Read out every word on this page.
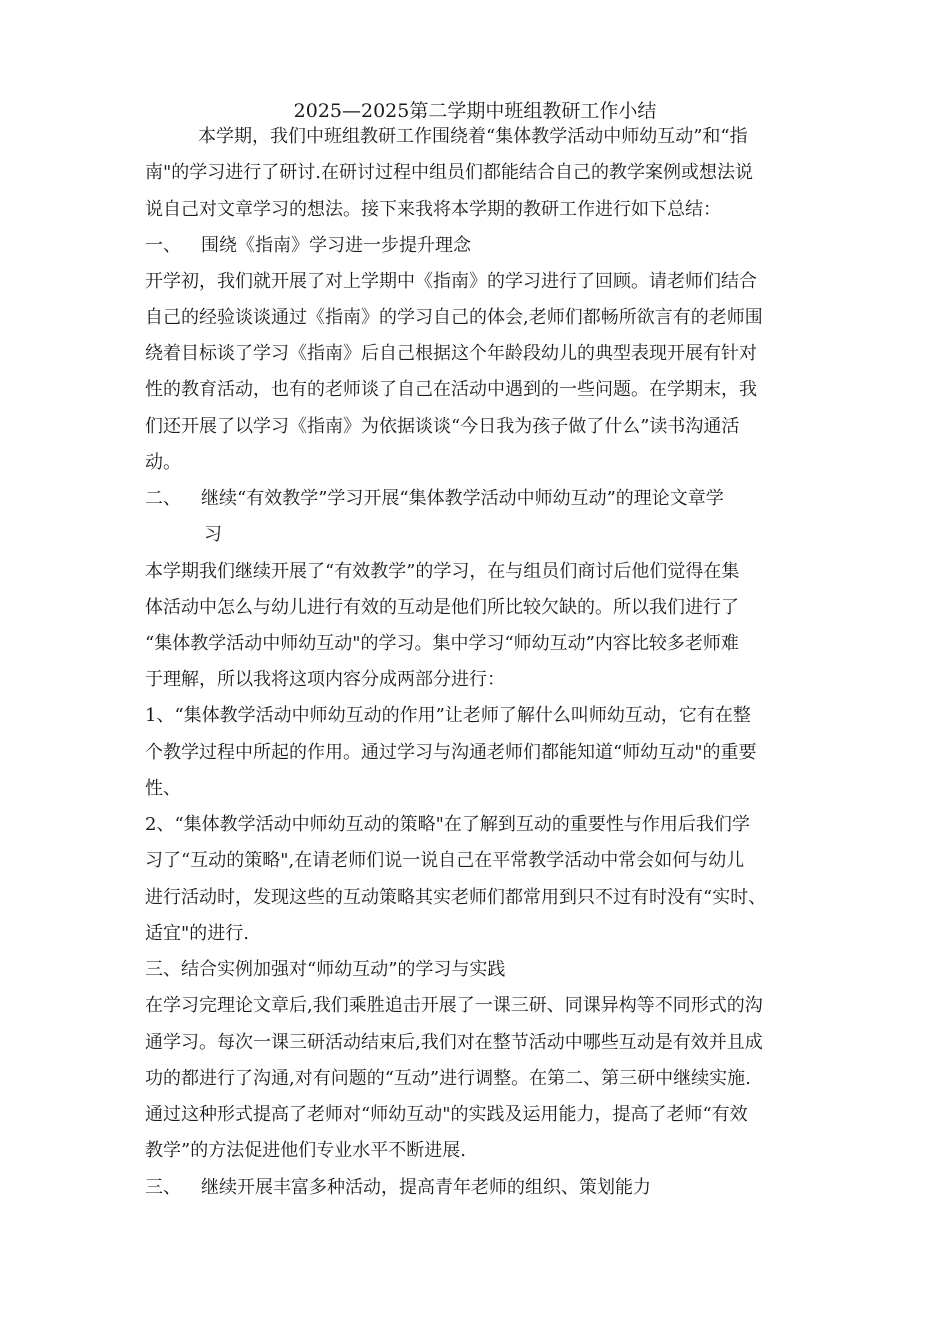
2025—2025第二学期中班组教研工作小结
本学期，我们中班组教研工作围绕着“集体教学活动中师幼互动”和“指
南"的学习进行了研讨.在研讨过程中组员们都能结合自己的教学案例或想法说
说自己对文章学习的想法。接下来我将本学期的教研工作进行如下总结：
一、 围绕《指南》学习进一步提升理念
开学初，我们就开展了对上学期中《指南》的学习进行了回顾。请老师们结合
自己的经验谈谈通过《指南》的学习自己的体会,老师们都畅所欲言有的老师围
绕着目标谈了学习《指南》后自己根据这个年龄段幼儿的典型表现开展有针对
性的教育活动，也有的老师谈了自己在活动中遇到的一些问题。在学期末，我
们还开展了以学习《指南》为依据谈谈“今日我为孩子做了什么”读书沟通活
动。
二、 继续“有效教学”学习开展“集体教学活动中师幼互动”的理论文章学
习
本学期我们继续开展了“有效教学”的学习，在与组员们商讨后他们觉得在集
体活动中怎么与幼儿进行有效的互动是他们所比较欠缺的。所以我们进行了
“集体教学活动中师幼互动"的学习。集中学习“师幼互动”内容比较多老师难
于理解，所以我将这项内容分成两部分进行：
1、“集体教学活动中师幼互动的作用”让老师了解什么叫师幼互动，它有在整
个教学过程中所起的作用。通过学习与沟通老师们都能知道“师幼互动"的重要
性、
2、“集体教学活动中师幼互动的策略"在了解到互动的重要性与作用后我们学
习了“互动的策略",在请老师们说一说自己在平常教学活动中常会如何与幼儿
进行活动时，发现这些的互动策略其实老师们都常用到只不过有时没有“实时、
适宜"的进行.
三、结合实例加强对“师幼互动”的学习与实践
在学习完理论文章后,我们乘胜追击开展了一课三研、同课异构等不同形式的沟
通学习。每次一课三研活动结束后,我们对在整节活动中哪些互动是有效并且成
功的都进行了沟通,对有问题的“互动”进行调整。在第二、第三研中继续实施.
通过这种形式提高了老师对“师幼互动"的实践及运用能力，提高了老师“有效
教学”的方法促进他们专业水平不断进展.
三、 继续开展丰富多种活动，提高青年老师的组织、策划能力
